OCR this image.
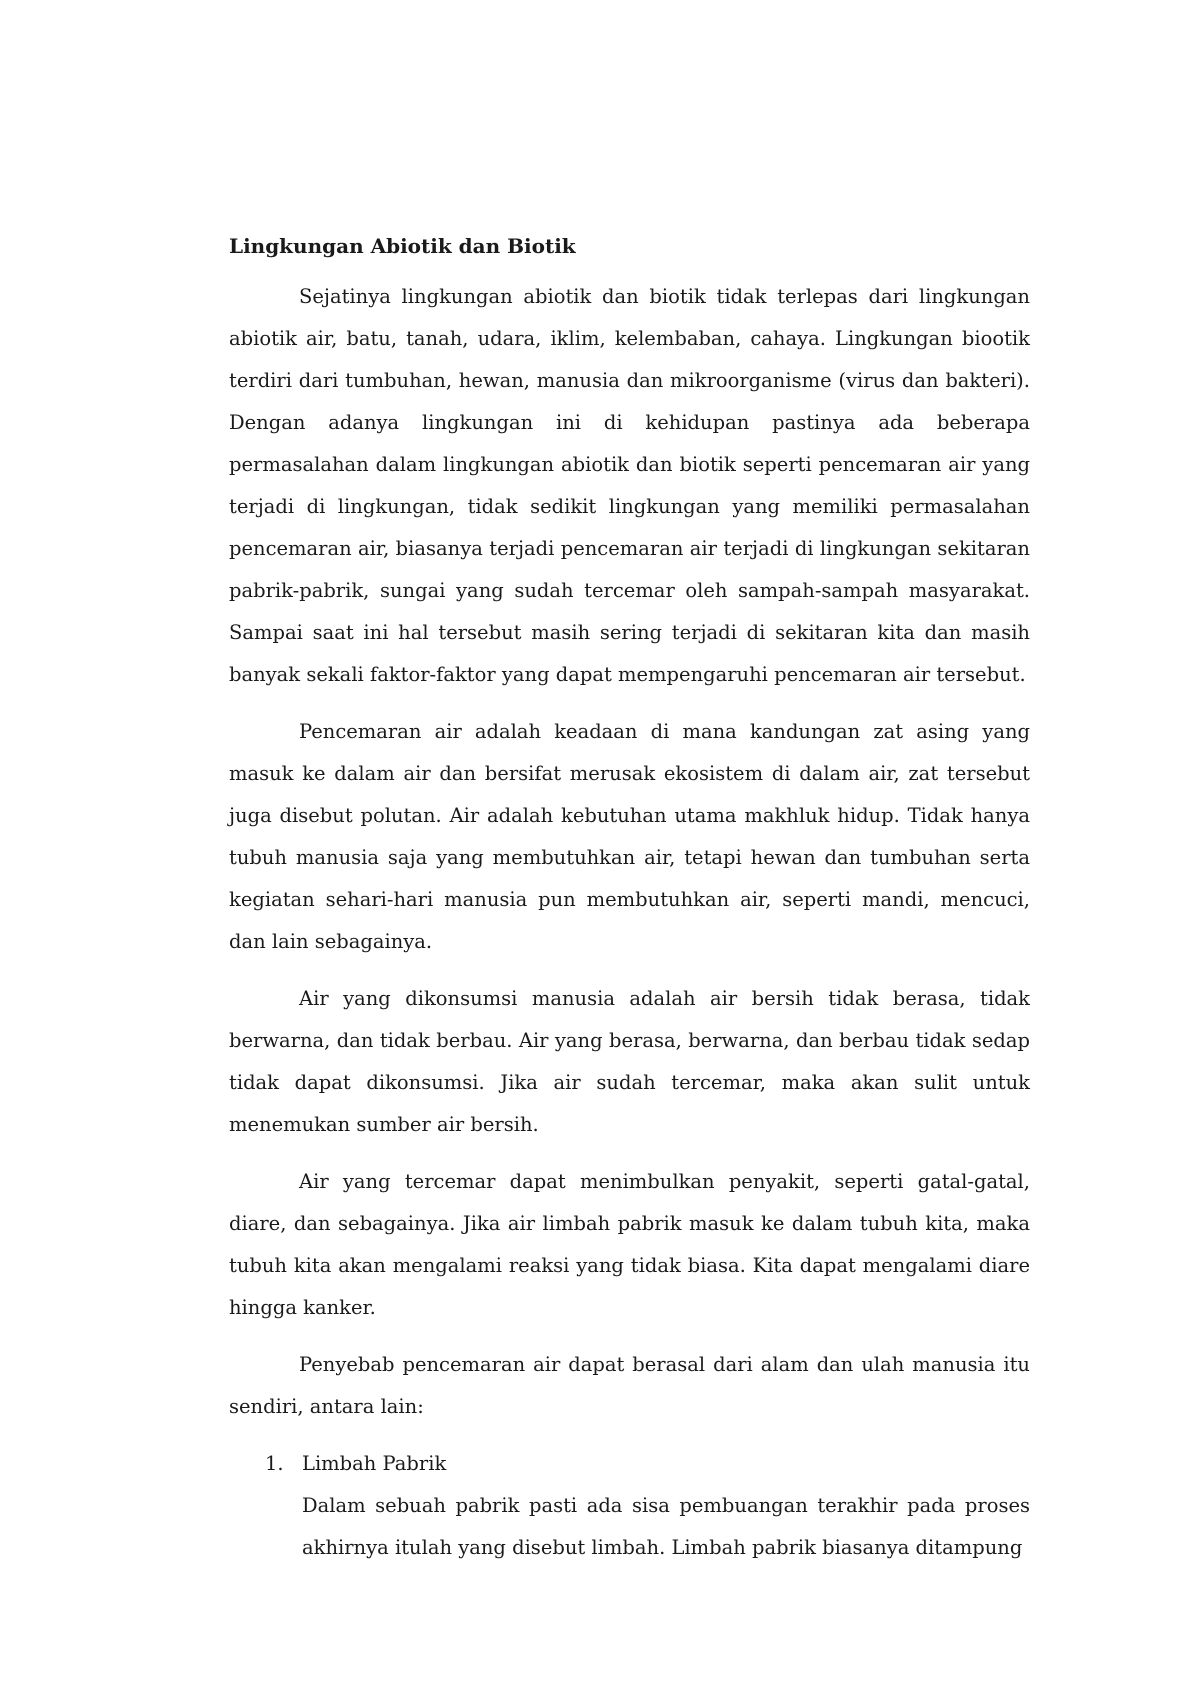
Lingkungan Abiotik dan Biotik

Sejatinya lingkungan abiotik dan biotik tidak terlepas dari lingkungan abiotik air, batu, tanah, udara, iklim, kelembaban, cahaya. Lingkungan biootik terdiri dari tumbuhan, hewan, manusia dan mikroorganisme (virus dan bakteri). Dengan adanya lingkungan ini di kehidupan pastinya ada beberapa permasalahan dalam lingkungan abiotik dan biotik seperti pencemaran air yang terjadi di lingkungan, tidak sedikit lingkungan yang memiliki permasalahan pencemaran air, biasanya terjadi pencemaran air terjadi di lingkungan sekitaran pabrik-pabrik, sungai yang sudah tercemar oleh sampah-sampah masyarakat. Sampai saat ini hal tersebut masih sering terjadi di sekitaran kita dan masih banyak sekali faktor-faktor yang dapat mempengaruhi pencemaran air tersebut.

Pencemaran air adalah keadaan di mana kandungan zat asing yang masuk ke dalam air dan bersifat merusak ekosistem di dalam air, zat tersebut juga disebut polutan. Air adalah kebutuhan utama makhluk hidup. Tidak hanya tubuh manusia saja yang membutuhkan air, tetapi hewan dan tumbuhan serta kegiatan sehari-hari manusia pun membutuhkan air, seperti mandi, mencuci, dan lain sebagainya.

Air yang dikonsumsi manusia adalah air bersih tidak berasa, tidak berwarna, dan tidak berbau. Air yang berasa, berwarna, dan berbau tidak sedap tidak dapat dikonsumsi. Jika air sudah tercemar, maka akan sulit untuk menemukan sumber air bersih.

Air yang tercemar dapat menimbulkan penyakit, seperti gatal-gatal, diare, dan sebagainya. Jika air limbah pabrik masuk ke dalam tubuh kita, maka tubuh kita akan mengalami reaksi yang tidak biasa. Kita dapat mengalami diare hingga kanker.

Penyebab pencemaran air dapat berasal dari alam dan ulah manusia itu sendiri, antara lain:

1. Limbah Pabrik
Dalam sebuah pabrik pasti ada sisa pembuangan terakhir pada proses akhirnya itulah yang disebut limbah. Limbah pabrik biasanya ditampung
